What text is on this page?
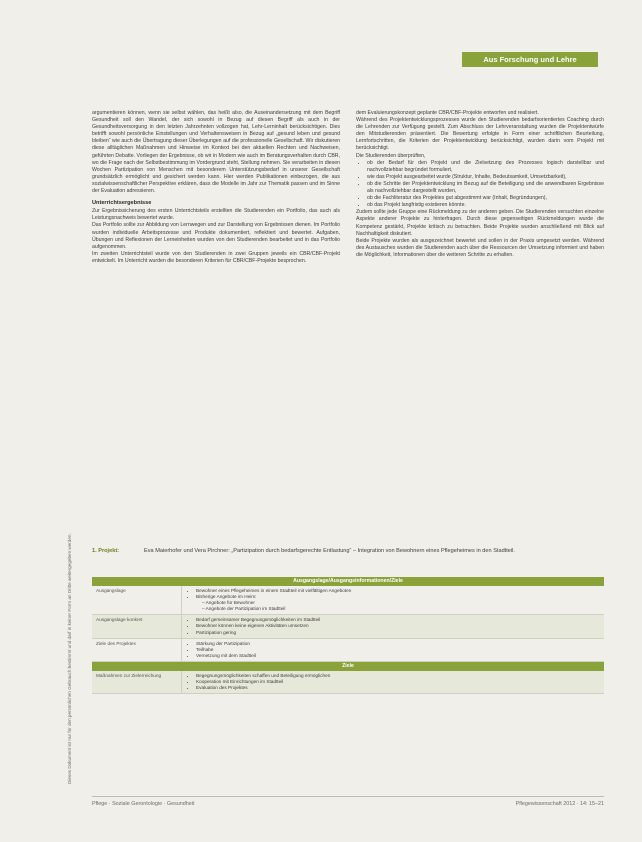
Aus Forschung und Lehre
Dieses Dokument ist nur für den persönlichen Gebrauch bestimmt und darf in keiner Form an Dritte weitergegeben werden.

argumentieren können, wenn sie selbst wählen, das heißt also, die Auseinandersetzung mit dem Begriff Gesundheit soll den Wandel, der sich sowohl in Bezug auf diesen Begriff als auch in der Gesundheitsversorgung in den letzten Jahrzehnten vollzogen hat, Lehr-Lerninhalt berücksichtigen. Dies betrifft sowohl persönliche Einstellungen und Verhaltensweisen in Bezug auf „gesund leben und gesund bleiben“ wie auch die Übertragung dieser Überlegungen auf die professionelle Gesellschaft. Wir diskutieren diese alltäglichen Maßnahmen und Hinweise im Kontext bei den aktuellen Rechten und Nachweisen, geführten Debatte. Vorliegen der Ergebnisse, ob wir in Modern wie auch im Beratungsverhalten durch CBR, wo die Frage nach der Selbstbestimmung im Vordergrund steht, Stellung nehmen. Sie verarbeiten in diesen Wochen Partizipation von Menschen mit besonderem Unterstützungsbedarf in unserer Gesellschaft grundsätzlich ermöglicht und gesichert werden kann. Hier werden Publikationen einbezogen, die aus sozialwissenschaftlicher Perspektive erklären, dass die Modelle im Jahr zur Thematik passen und im Sinne der Evaluation adressieren.

Unterrichtsergebnisse

Zur Ergebnissicherung des ersten Unterrichtsteils erstellten die Studierenden ein Portfolio, das auch als Leistungsnachweis bewertet wurde.

Das Portfolio sollte zur Abbildung von Lernwegen und zur Darstellung von Ergebnissen dienen. Im Portfolio wurden individuelle Arbeitsprozesse und Produkte dokumentiert, reflektiert und bewertet. Aufgaben, Übungen und Reflexionen der Lerneinheiten wurden von den Studierenden bearbeitet und in das Portfolio aufgenommen.

Im zweiten Unterrichtsteil wurde von den Studierenden in zwei Gruppen jeweils ein CBR/CBF-Projekt entwickelt. Im Unterricht wurden die besonderen Kriterien für CBR/CBF-Projekte besprochen.

dem Evaluierungskonzept geplante CBR/CBF-Projekte entworfen und realisiert.

Während des Projektentwicklungsprozesses wurde den Studierenden bedarfsorientiertes Coaching durch die Lehrenden zur Verfügung gestellt. Zum Abschluss der Lehrveranstaltung wurden die Projektentwürfe den Mitstudierenden präsentiert. Die Bewertung erfolgte in Form einer schriftlichen Beurteilung, Lernfortschritten, die Kriterien der Projektentwicklung berücksichtigt, wurden darin vom Projekt mit berücksichtigt.

Die Studierenden überprüften,

• ob der Bedarf für den Projekt und die Zielsetzung des Prozesses logisch darstellbar und nachvollziehbar begründet formuliert,
• wie das Projekt ausgearbeitet wurde (Struktur, Inhalte, Bedeutsamkeit, Umsetzbarkeit),
• ob die Schritte der Projektentwicklung im Bezug auf die Beteiligung und die anwendbaren Ergebnisse als nachvollziehbar dargestellt wurden,
• ob die Fachliteratur des Projektes gut abgestimmt war (Inhalt, Begründungen),
• ob das Projekt langfristig existieren könnte.

Zudem sollte jede Gruppe eine Rückmeldung zu der anderen geben. Die Studierenden versuchten einzelne Aspekte anderer Projekte zu hinterfragen. Durch diese gegenseitigen Rückmeldungen wurde die Kompetenz gestärkt, Projekte kritisch zu betrachten. Beide Projekte wurden anschließend mit Blick auf Nachhaltigkeit diskutiert.

Beide Projekte wurden als ausgezeichnet bewertet und sollen in der Praxis umgesetzt werden. Während des Austausches wurden die Studierenden auch über die Ressourcen der Umsetzung informiert und haben die Möglichkeit, Informationen über die weiteren Schritte zu erhalten.

1. Projekt:	Eva Maierhofer und Vera Pirchner: „Partizipation durch bedarfsgerechte Entlastung“ – Integration von Bewohnern eines Pflegeheimes in den Stadtteil.
Ausgangslage/Ausgangsinformationen/Ziele
Ausgangslage	• Bewohner eines Pflegeheimes in einem Stadtteil mit vielfältigen Angeboten
• Bisherige Angebote im Heim:
– Angebote für Bewohner
– Angebote der Partizipation im Stadtteil
Ausgangslage konkret	• Bedarf gemeinsamer Begegnungsmöglichkeiten im Stadtteil
• Bewohner können keine eigenen Aktivitäten umsetzen
• Partizipation gering
Ziele des Projektes	• Stärkung der Partizipation
• Teilhabe
• Vernetzung mit dem Stadtteil
Ziele
Maßnahmen zur Zielerreichung	• Begegnungsmöglichkeiten schaffen und Beteiligung ermöglichen
• Kooperation mit Einrichtungen im Stadtteil
• Evaluation des Projektes
Pflege · Soziale Gerontologie · Gesundheit	Pflegewissenschaft 2012 · 14: 15–21
